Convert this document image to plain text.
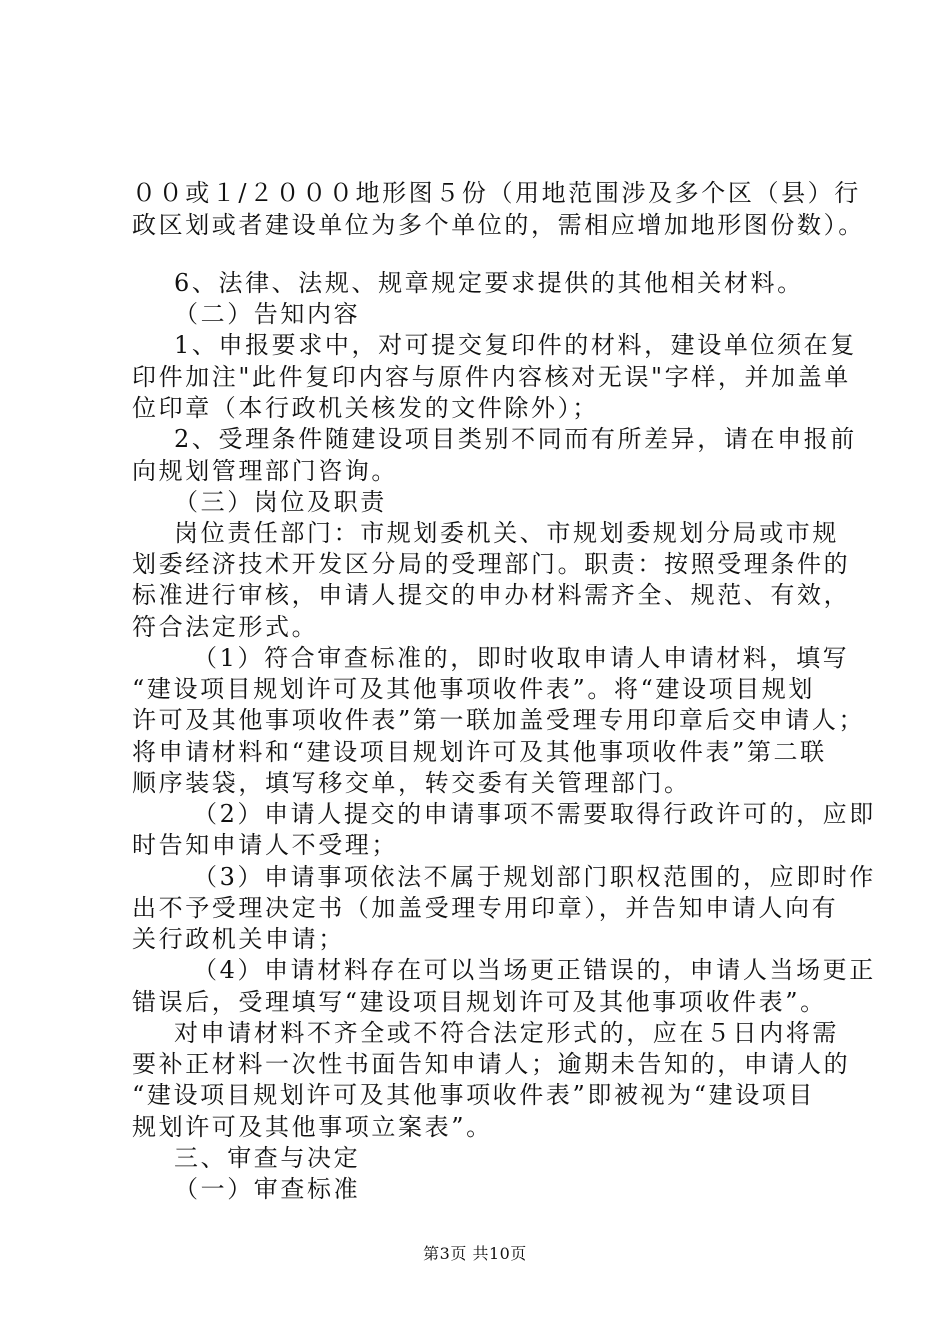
００或１/２０００地形图５份（用地范围涉及多个区（县）行
政区划或者建设单位为多个单位的，需相应增加地形图份数）。
6、法律、法规、规章规定要求提供的其他相关材料。
（二）告知内容
1、申报要求中，对可提交复印件的材料，建设单位须在复
印件加注"此件复印内容与原件内容核对无误"字样，并加盖单
位印章（本行政机关核发的文件除外）；
2、受理条件随建设项目类别不同而有所差异，请在申报前
向规划管理部门咨询。
（三）岗位及职责
岗位责任部门：市规划委机关、市规划委规划分局或市规
划委经济技术开发区分局的受理部门。职责：按照受理条件的
标准进行审核，申请人提交的申办材料需齐全、规范、有效，
符合法定形式。
（1）符合审查标准的，即时收取申请人申请材料，填写
“建设项目规划许可及其他事项收件表”。将“建设项目规划
许可及其他事项收件表”第一联加盖受理专用印章后交申请人；
将申请材料和“建设项目规划许可及其他事项收件表”第二联
顺序装袋，填写移交单，转交委有关管理部门。
（2）申请人提交的申请事项不需要取得行政许可的，应即
时告知申请人不受理；
（3）申请事项依法不属于规划部门职权范围的，应即时作
出不予受理决定书（加盖受理专用印章），并告知申请人向有
关行政机关申请；
（4）申请材料存在可以当场更正错误的，申请人当场更正
错误后，受理填写“建设项目规划许可及其他事项收件表”。
对申请材料不齐全或不符合法定形式的，应在５日内将需
要补正材料一次性书面告知申请人；逾期未告知的，申请人的
“建设项目规划许可及其他事项收件表”即被视为“建设项目
规划许可及其他事项立案表”。
三、审查与决定
（一）审查标准
第3页 共10页
